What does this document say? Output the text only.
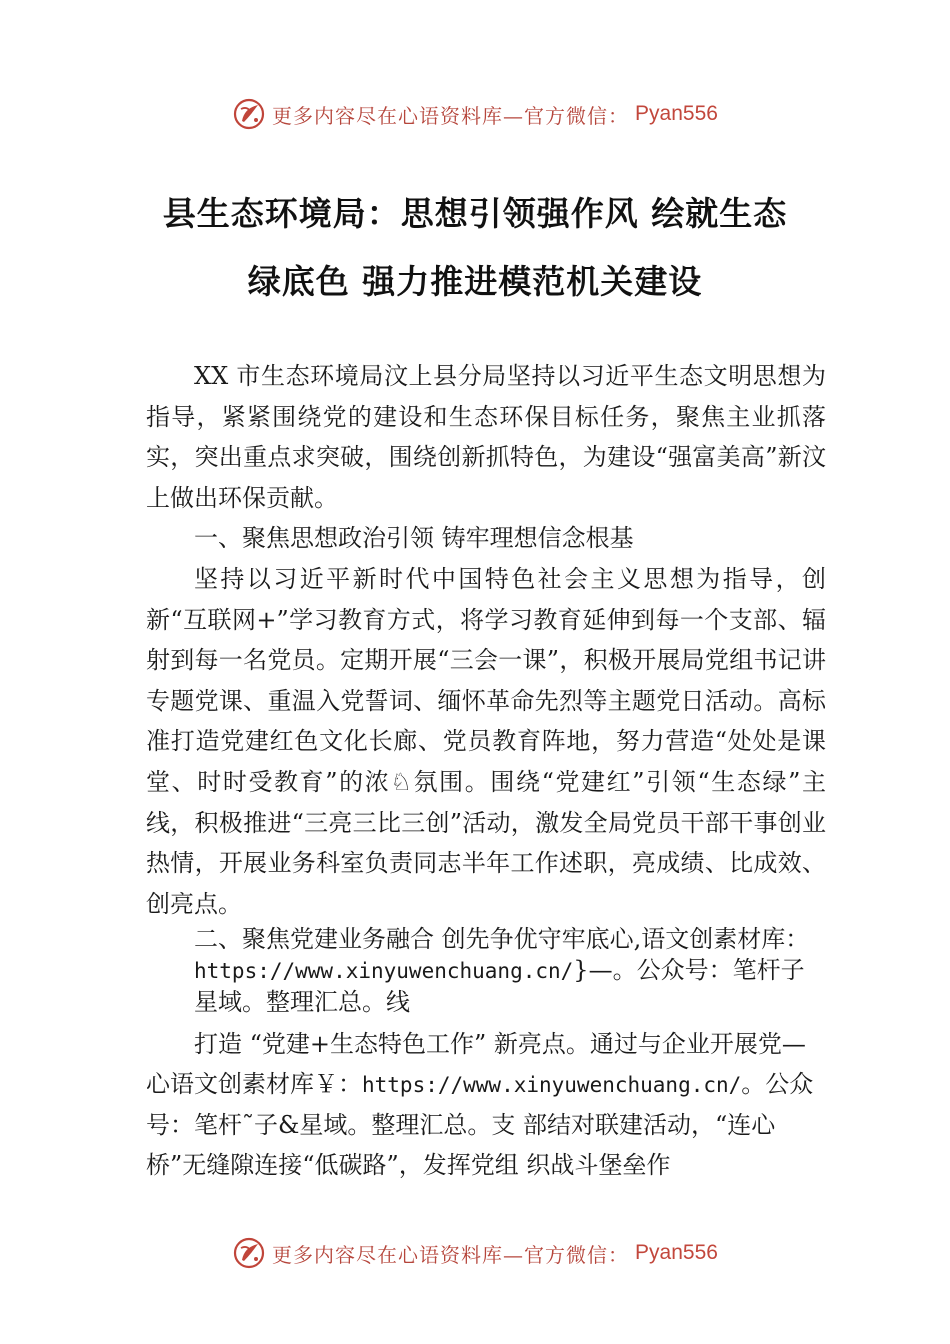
更多内容尽在心语资料库—官方微信： Pyan556
县生态环境局：思想引领强作风 绘就生态
绿底色 强力推进模范机关建设

XX 市生态环境局汶上县分局坚持以习近平生态文明思想为指导，紧紧围绕党的建设和生态环保目标任务，聚焦主业抓落实，突出重点求突破，围绕创新抓特色，为建设“强富美高”新汶上做出环保贡献。

一、聚焦思想政治引领 铸牢理想信念根基

坚持以习近平新时代中国特色社会主义思想为指导，创新“互联网+”学习教育方式，将学习教育延伸到每一个支部、辐射到每一名党员。定期开展“三会一课”，积极开展局党组书记讲专题党课、重温入党誓词、缅怀革命先烈等主题党日活动。高标准打造党建红色文化长廊、党员教育阵地，努力营造“处处是课堂、时时受教育”的浓♘氛围。围绕“党建红”引领“生态绿”主线，积极推进“三亮三比三创”活动，激发全局党员干部干事创业热情，开展业务科室负责同志半年工作述职，亮成绩、比成效、创亮点。

二、聚焦党建业务融合 创先争优守牢底心,语文创素材库：https://www.xinyuwenchuang.cn/}—。公众号：笔杆子星域。整理汇总。线

打造 “党建+生态特色工作” 新亮点。通过与企业开展党—心语文创素材库￥：https://www.xinyuwenchuang.cn/。公众号：笔杆˜子&星域。整理汇总。支 部结对联建活动，“连心桥”无缝隙连接“低碳路”，发挥党组 织战斗堡垒作

更多内容尽在心语资料库—官方微信： Pyan556
